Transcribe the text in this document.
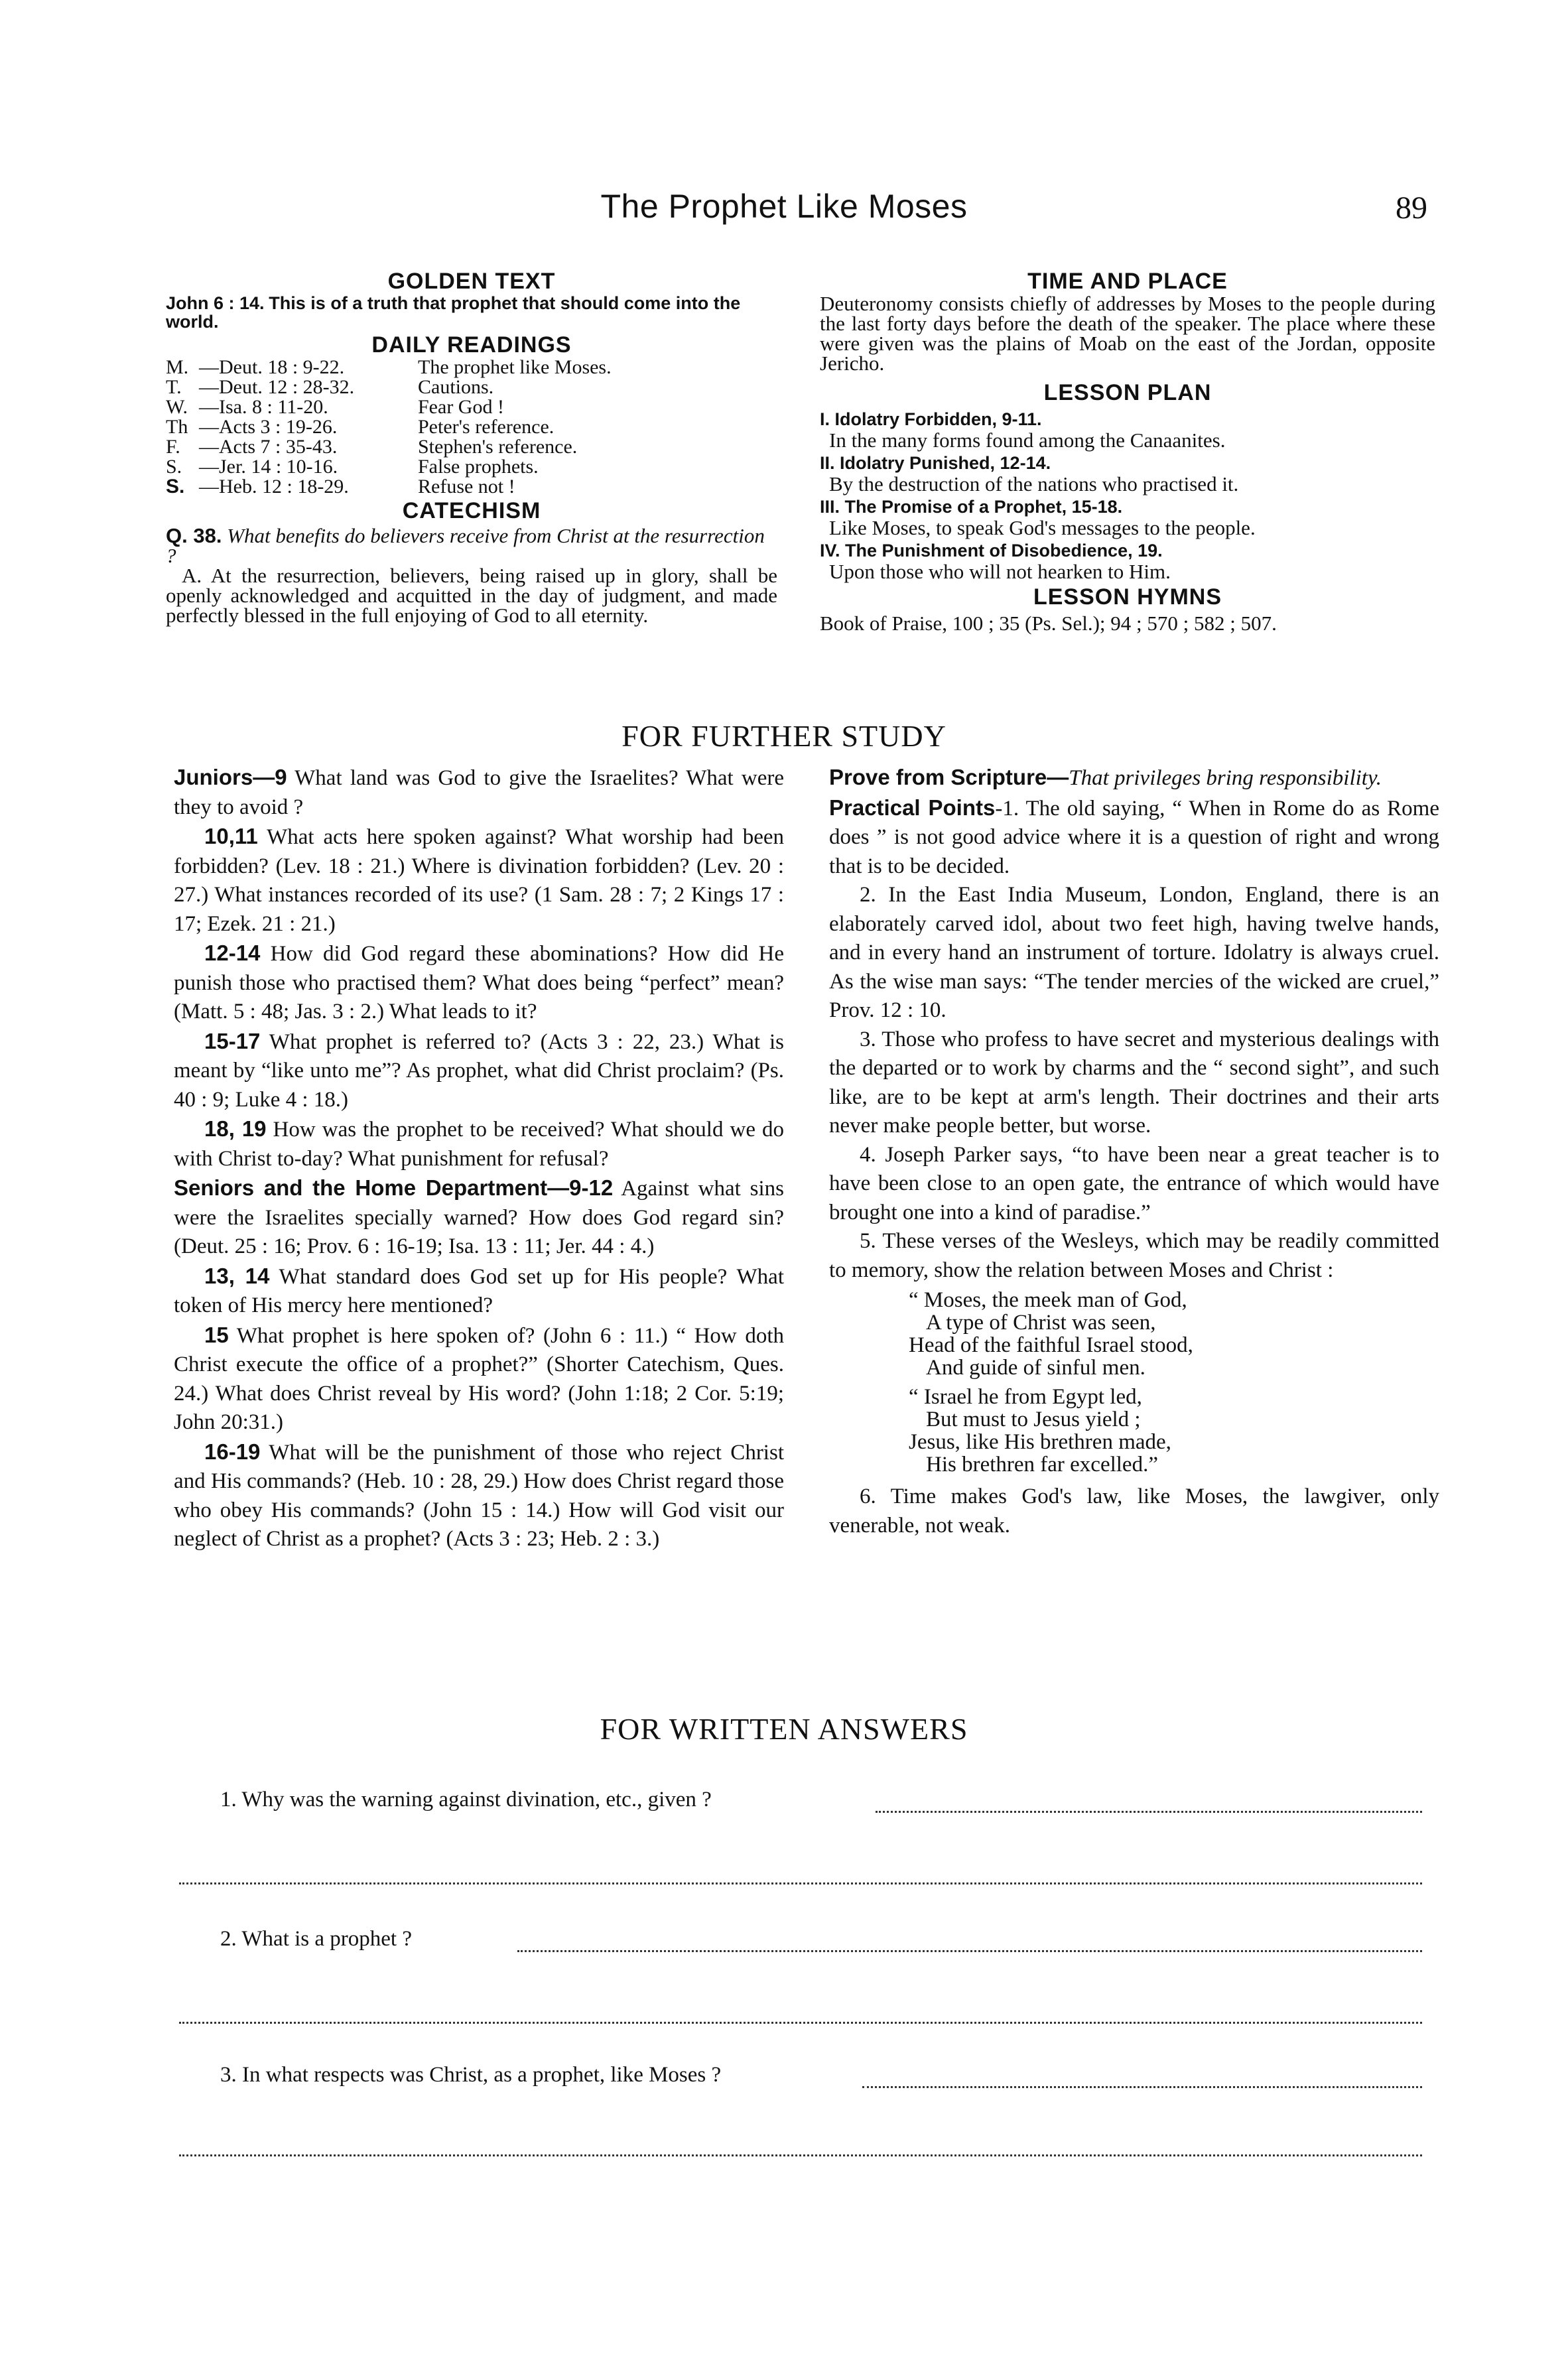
The Prophet Like Moses	89
GOLDEN TEXT

John 6 : 14. This is of a truth that prophet that should come into the world.

DAILY READINGS
M.	—Deut. 18 : 9-22.	The prophet like Moses.
T.	—Deut. 12 : 28-32.	Cautions.
W.	—Isa. 8 : 11-20.	Fear God !
Th	—Acts 3 : 19-26.	Peter's reference.
F.	—Acts 7 : 35-43.	Stephen's reference.
S.	—Jer. 14 : 10-16.	False prophets.
S.	—Heb. 12 : 18-29.	Refuse not !
CATECHISM

Q. 38. What benefits do believers receive from Christ at the resurrection ?

A. At the resurrection, believers, being raised up in glory, shall be openly acknowledged and acquitted in the day of judgment, and made perfectly blessed in the full enjoying of God to all eternity.

TIME AND PLACE

Deuteronomy consists chiefly of addresses by Moses to the people during the last forty days before the death of the speaker. The place where these were given was the plains of Moab on the east of the Jordan, opposite Jericho.

LESSON PLAN

I. Idolatry Forbidden, 9-11.

In the many forms found among the Canaanites.

II. Idolatry Punished, 12-14.

By the destruction of the nations who practised it.

III. The Promise of a Prophet, 15-18.

Like Moses, to speak God's messages to the people.

IV. The Punishment of Disobedience, 19.

Upon those who will not hearken to Him.

LESSON HYMNS

Book of Praise, 100 ; 35 (Ps. Sel.); 94 ; 570 ; 582 ; 507.

FOR FURTHER STUDY

Juniors—9 What land was God to give the Israelites? What were they to avoid ?

10,11 What acts here spoken against? What worship had been forbidden? (Lev. 18 : 21.) Where is divination forbidden? (Lev. 20 : 27.) What instances recorded of its use? (1 Sam. 28 : 7; 2 Kings 17 : 17; Ezek. 21 : 21.)

12-14 How did God regard these abominations? How did He punish those who practised them? What does being “perfect” mean? (Matt. 5 : 48; Jas. 3 : 2.) What leads to it?

15-17 What prophet is referred to? (Acts 3 : 22, 23.) What is meant by “like unto me”? As prophet, what did Christ proclaim? (Ps. 40 : 9; Luke 4 : 18.)

18, 19 How was the prophet to be received? What should we do with Christ to-day? What punishment for refusal?

Seniors and the Home Department—9-12 Against what sins were the Israelites specially warned? How does God regard sin? (Deut. 25 : 16; Prov. 6 : 16-19; Isa. 13 : 11; Jer. 44 : 4.)

13, 14 What standard does God set up for His people? What token of His mercy here mentioned?

15 What prophet is here spoken of? (John 6 : 11.) “ How doth Christ execute the office of a prophet?” (Shorter Catechism, Ques. 24.) What does Christ reveal by His word? (John 1:18; 2 Cor. 5:19; John 20:31.)

16-19 What will be the punishment of those who reject Christ and His commands? (Heb. 10 : 28, 29.) How does Christ regard those who obey His commands? (John 15 : 14.) How will God visit our neglect of Christ as a prophet? (Acts 3 : 23; Heb. 2 : 3.)

Prove from Scripture—That privileges bring responsibility.

Practical Points-1. The old saying, “ When in Rome do as Rome does ” is not good advice where it is a question of right and wrong that is to be decided.

2. In the East India Museum, London, England, there is an elaborately carved idol, about two feet high, having twelve hands, and in every hand an instrument of torture. Idolatry is always cruel. As the wise man says: “The tender mercies of the wicked are cruel,” Prov. 12 : 10.

3. Those who profess to have secret and mysterious dealings with the departed or to work by charms and the “ second sight”, and such like, are to be kept at arm's length. Their doctrines and their arts never make people better, but worse.

4. Joseph Parker says, “to have been near a great teacher is to have been close to an open gate, the entrance of which would have brought one into a kind of paradise.”

5. These verses of the Wesleys, which may be readily committed to memory, show the relation between Moses and Christ :

“ Moses, the meek man of God,
A type of Christ was seen,
Head of the faithful Israel stood,
And guide of sinful men.
“ Israel he from Egypt led,
But must to Jesus yield ;
Jesus, like His brethren made,
His brethren far excelled.”

6. Time makes God's law, like Moses, the lawgiver, only venerable, not weak.

FOR WRITTEN ANSWERS
1. Why was the warning against divination, etc., given ?
2. What is a prophet ?
3. In what respects was Christ, as a prophet, like Moses ?
